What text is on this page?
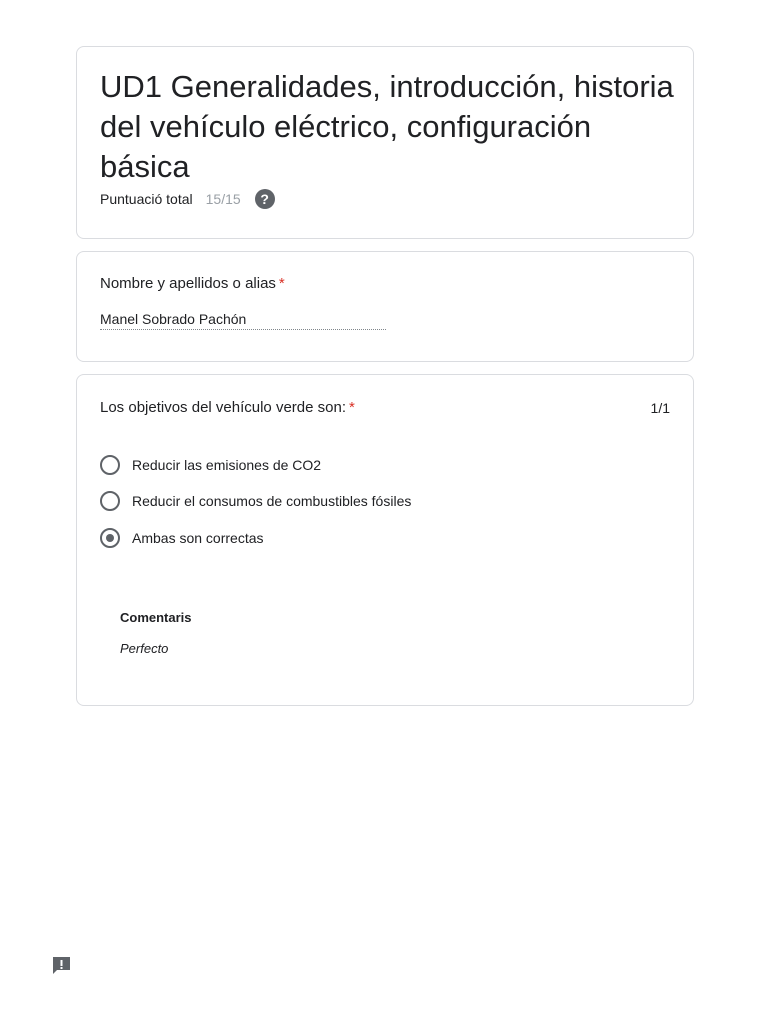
UD1 Generalidades, introducción, historia del vehículo eléctrico, configuración básica
Puntuació total 15/15	?
Nombre y apellidos o alias *
Manel Sobrado Pachón
Los objetivos del vehículo verde son: *	1/1
Reducir las emisiones de CO2
Reducir el consumos de combustibles fósiles
Ambas son correctas
Comentaris
Perfecto
